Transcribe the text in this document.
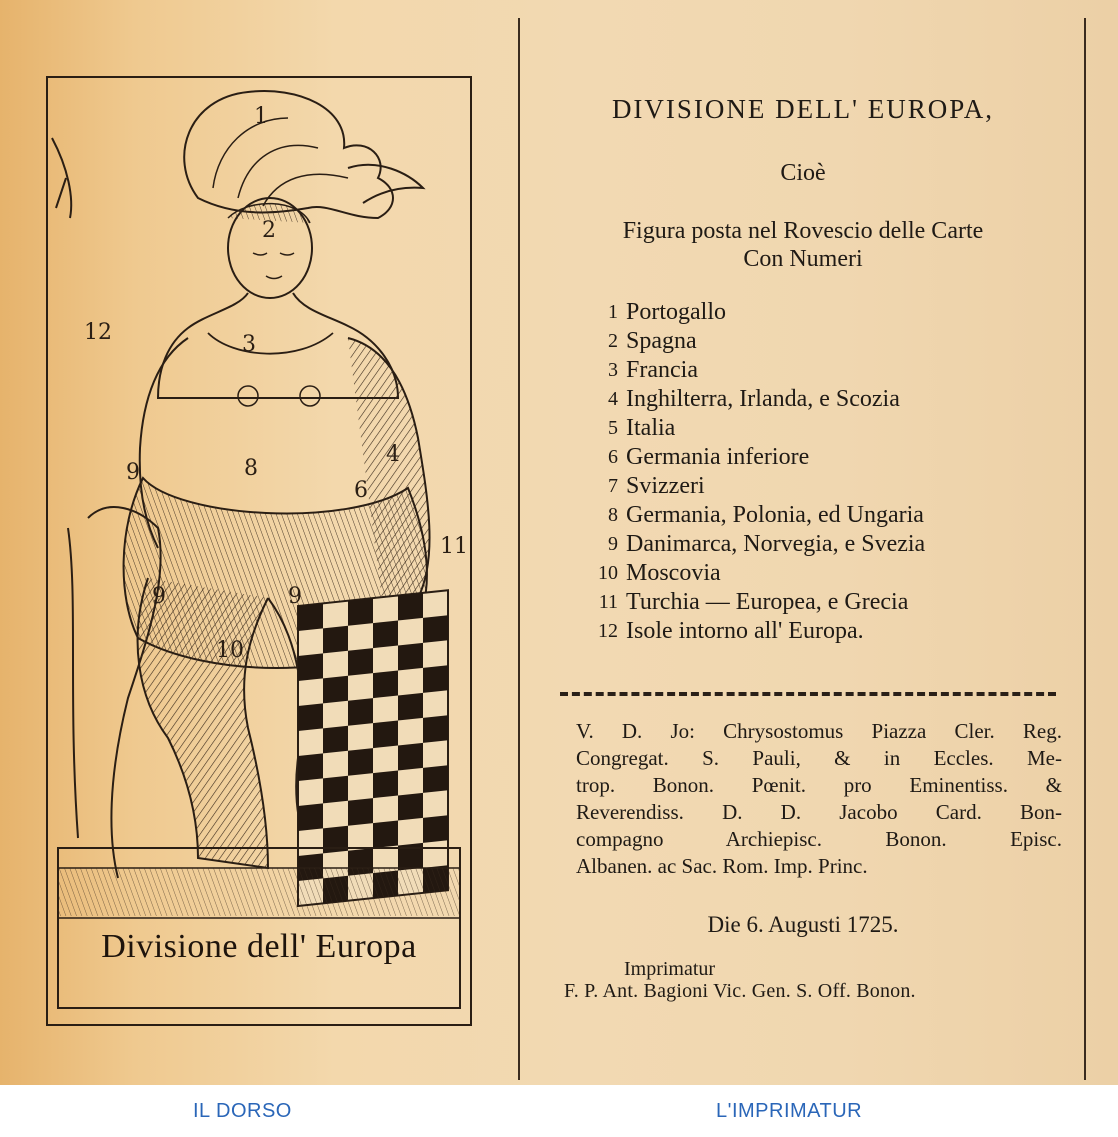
1
2
3
4
6
8
9
9	9
10
11
12
Divisione dell' Europa
DIVISIONE DELL' EUROPA,
Cioè
Figura posta nel Rovescio delle Carte
Con Numeri
1 Portogallo
2 Spagna
3 Francia
4 Inghilterra, Irlanda, e Scozia
5 Italia
6 Germania inferiore
7 Svizzeri
8 Germania, Polonia, ed Ungaria
9 Danimarca, Norvegia, e Svezia
10 Moscovia
11 Turchia — Europea, e Grecia
12 Isole intorno all' Europa.
V. D. Jo: Chrysostomus Piazza Cler. Reg.
Congregat. S. Pauli, & in Eccles. Me-
trop. Bonon. Pœnit. pro Eminentiss. &
Reverendiss. D. D. Jacobo Card. Bon-
compagno Archiepisc. Bonon. Episc.
Albanen. ac Sac. Rom. Imp. Princ.
Die 6. Augusti 1725.
Imprimatur
F. P. Ant. Bagioni Vic. Gen. S. Off. Bonon.
IL DORSO	L'IMPRIMATUR
